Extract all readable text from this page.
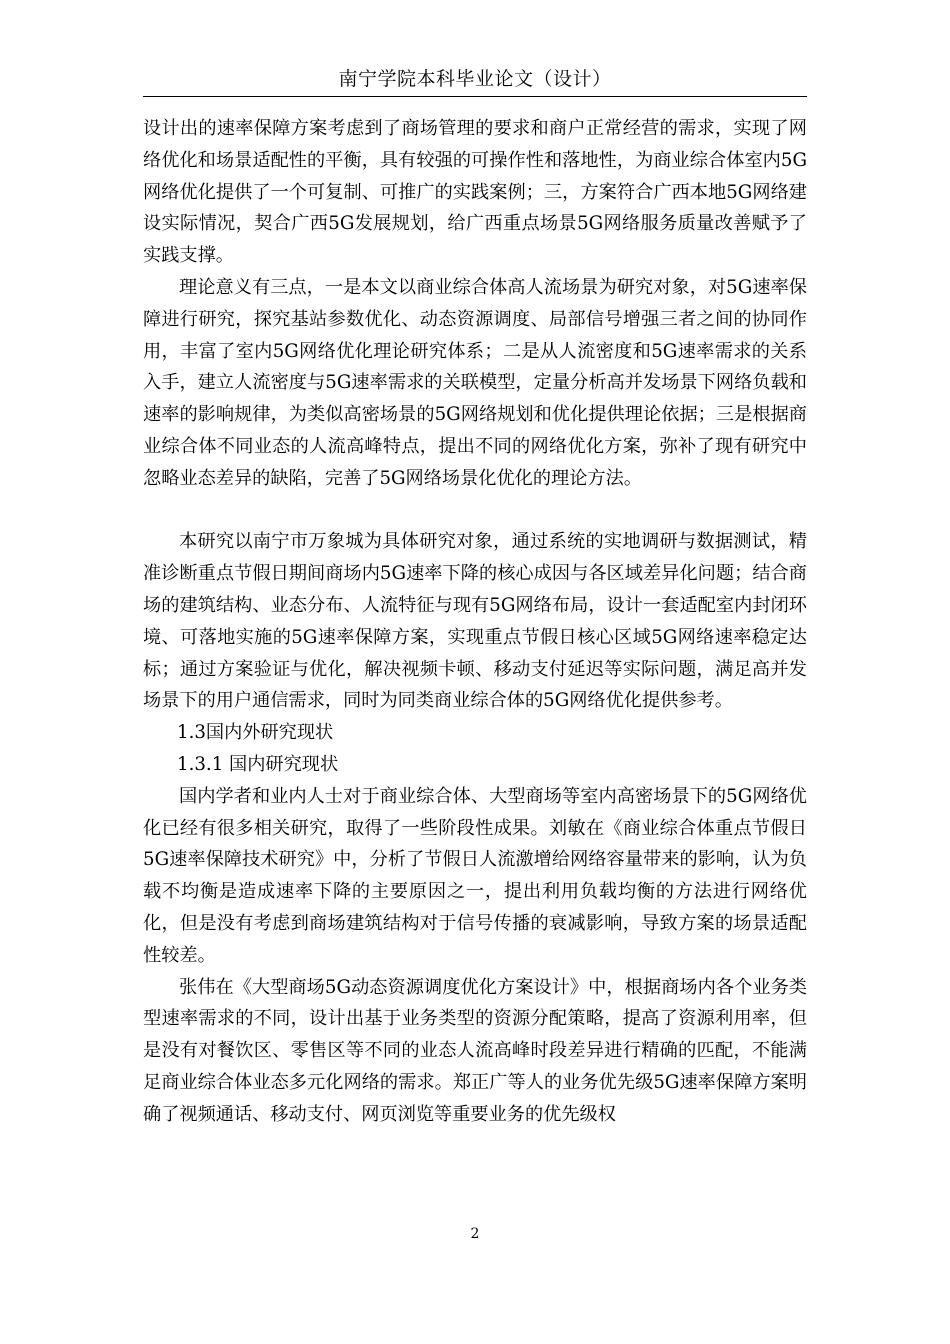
南宁学院本科毕业论文（设计）

设计出的速率保障方案考虑到了商场管理的要求和商户正常经营的需求，实现了网络优化和场景适配性的平衡，具有较强的可操作性和落地性，为商业综合体室内5G网络优化提供了一个可复制、可推广的实践案例；三，方案符合广西本地5G网络建设实际情况，契合广西5G发展规划，给广西重点场景5G网络服务质量改善赋予了实践支撑。

理论意义有三点，一是本文以商业综合体高人流场景为研究对象，对5G速率保障进行研究，探究基站参数优化、动态资源调度、局部信号增强三者之间的协同作用，丰富了室内5G网络优化理论研究体系；二是从人流密度和5G速率需求的关系入手，建立人流密度与5G速率需求的关联模型，定量分析高并发场景下网络负载和速率的影响规律，为类似高密场景的5G网络规划和优化提供理论依据；三是根据商业综合体不同业态的人流高峰特点，提出不同的网络优化方案，弥补了现有研究中忽略业态差异的缺陷，完善了5G网络场景化优化的理论方法。

本研究以南宁市万象城为具体研究对象，通过系统的实地调研与数据测试，精准诊断重点节假日期间商场内5G速率下降的核心成因与各区域差异化问题；结合商场的建筑结构、业态分布、人流特征与现有5G网络布局，设计一套适配室内封闭环境、可落地实施的5G速率保障方案，实现重点节假日核心区域5G网络速率稳定达标；通过方案验证与优化，解决视频卡顿、移动支付延迟等实际问题，满足高并发场景下的用户通信需求，同时为同类商业综合体的5G网络优化提供参考。

1.3国内外研究现状

1.3.1 国内研究现状

国内学者和业内人士对于商业综合体、大型商场等室内高密场景下的5G网络优化已经有很多相关研究，取得了一些阶段性成果。刘敏在《商业综合体重点节假日5G速率保障技术研究》中，分析了节假日人流激增给网络容量带来的影响，认为负载不均衡是造成速率下降的主要原因之一，提出利用负载均衡的方法进行网络优化，但是没有考虑到商场建筑结构对于信号传播的衰减影响，导致方案的场景适配性较差。

张伟在《大型商场5G动态资源调度优化方案设计》中，根据商场内各个业务类型速率需求的不同，设计出基于业务类型的资源分配策略，提高了资源利用率，但是没有对餐饮区、零售区等不同的业态人流高峰时段差异进行精确的匹配，不能满足商业综合体业态多元化网络的需求。郑正广等人的业务优先级5G速率保障方案明确了视频通话、移动支付、网页浏览等重要业务的优先级权

2
